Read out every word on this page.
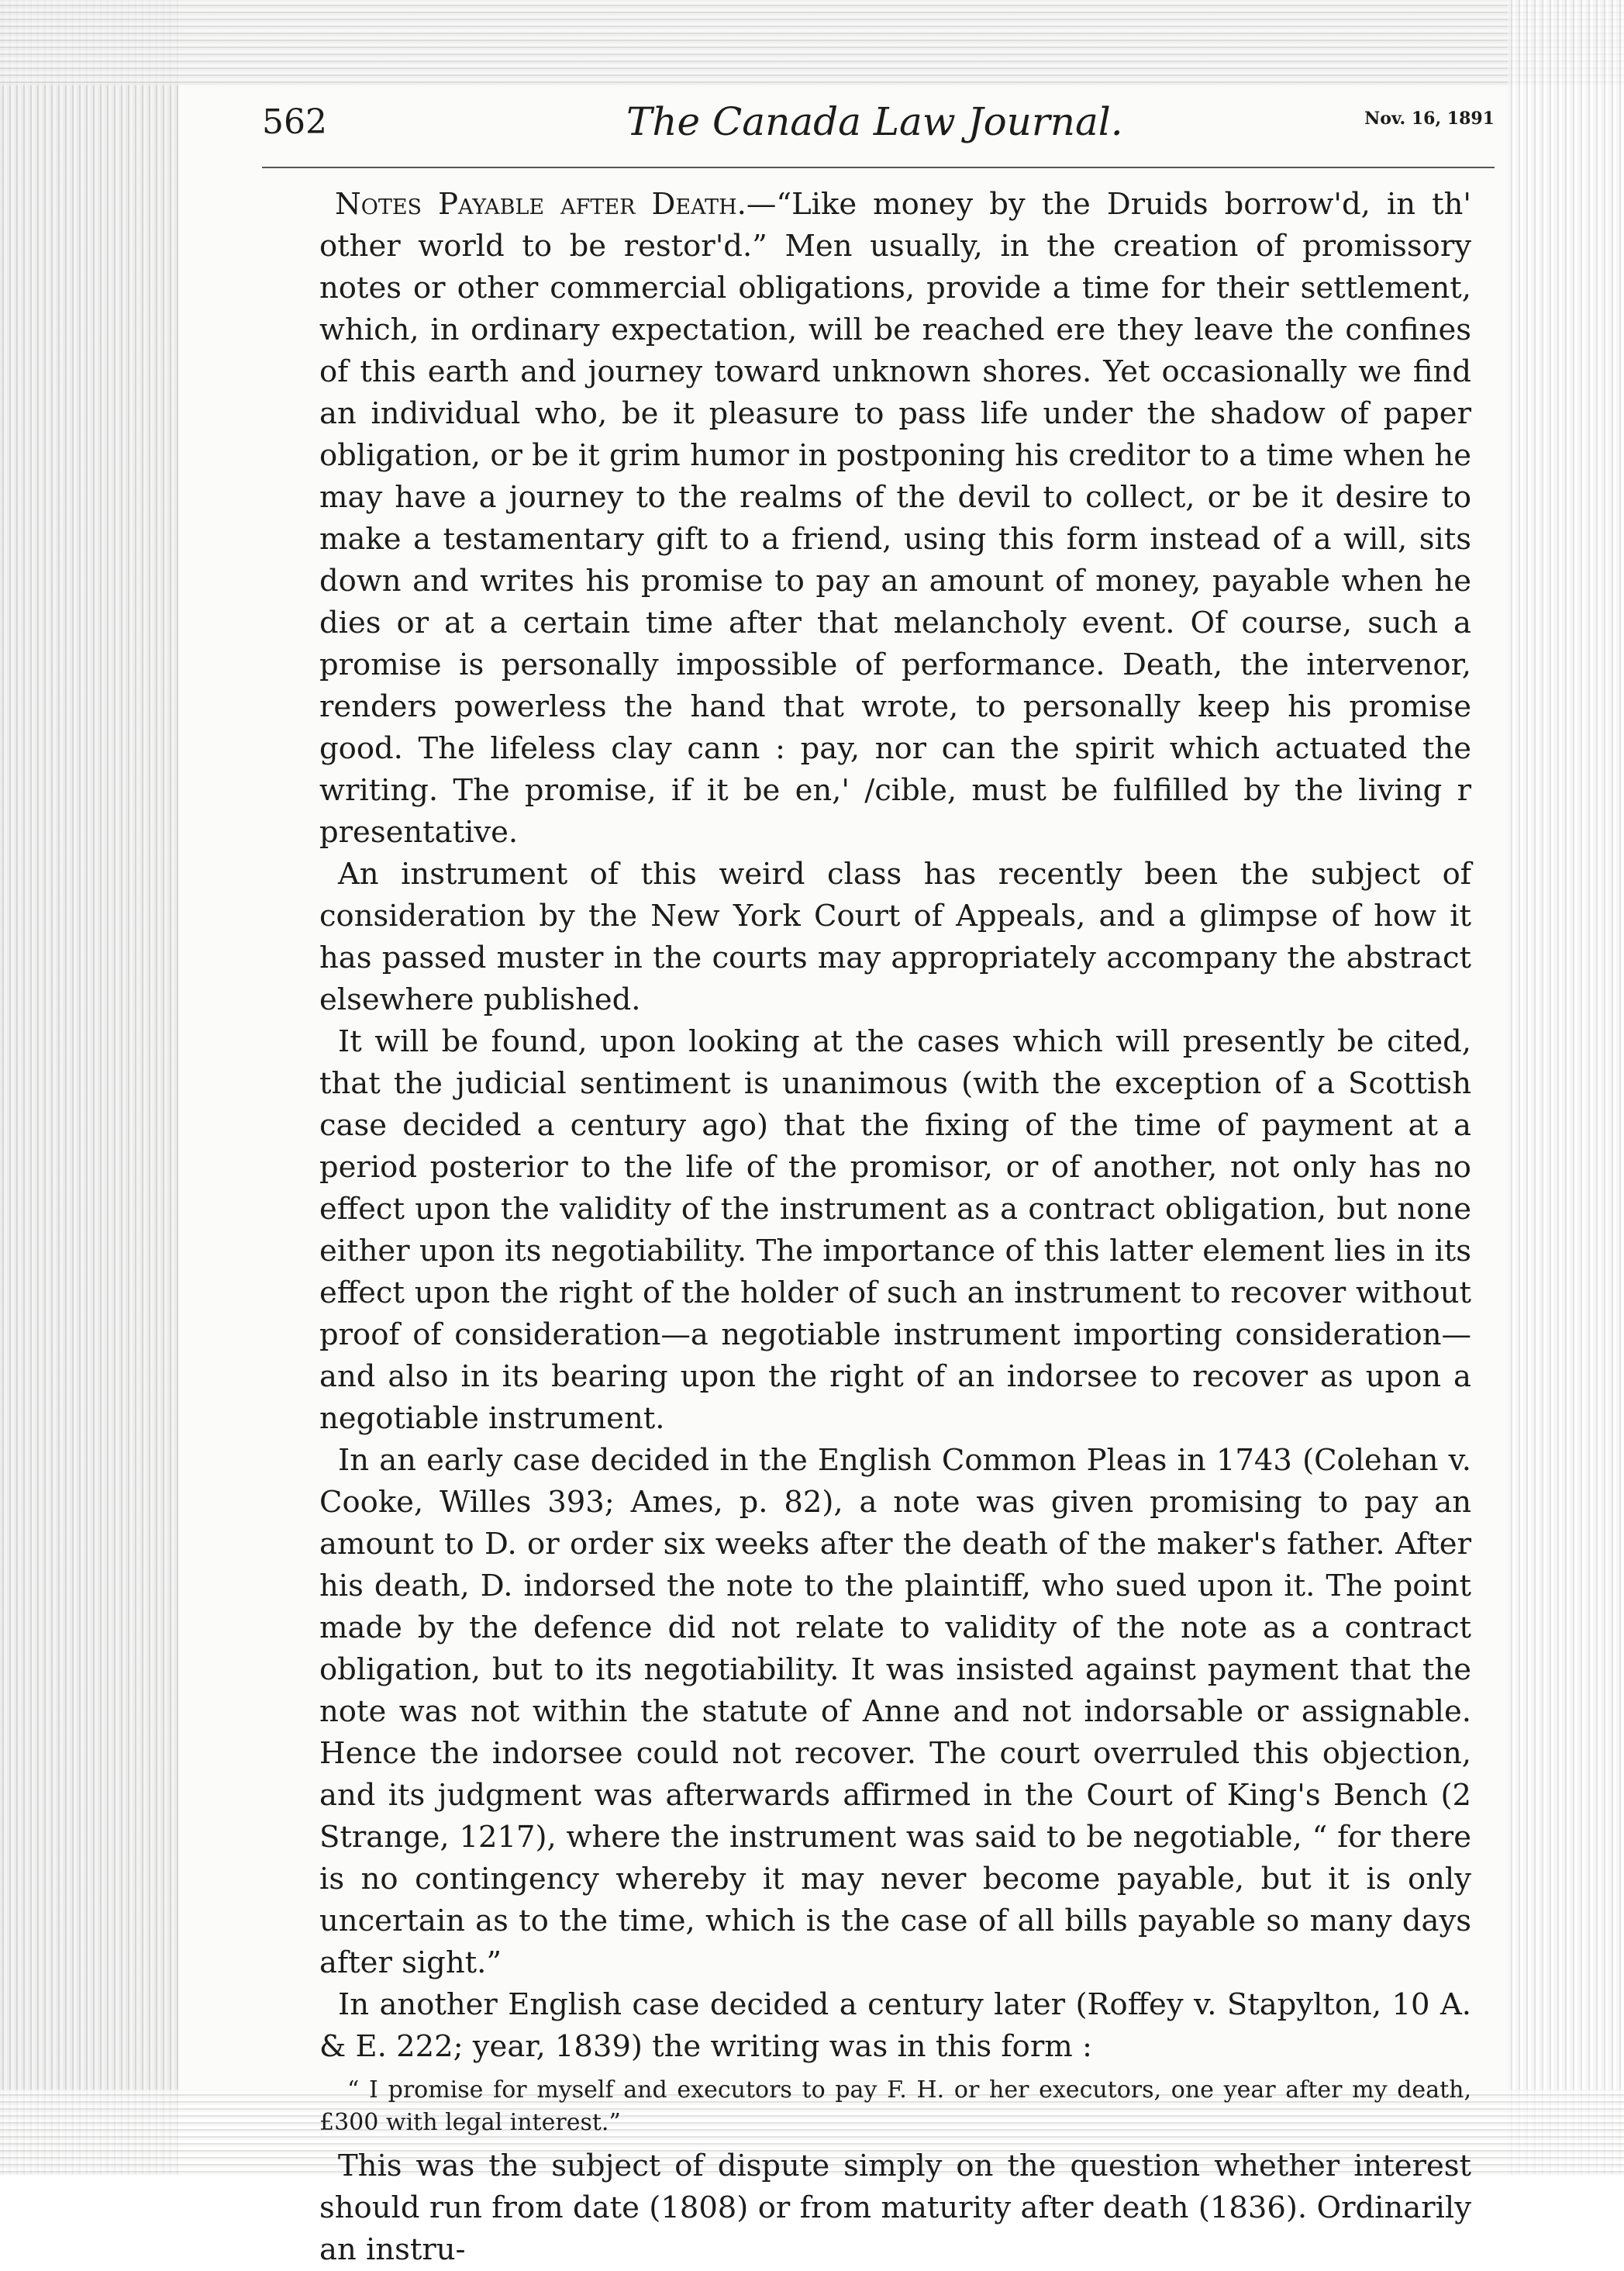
562	The Canada Law Journal.	Nov. 16, 1891

Notes Payable after Death.—“Like money by the Druids borrow'd, in th' other world to be restor'd.” Men usually, in the creation of promissory notes or other commercial obligations, provide a time for their settlement, which, in ordinary expectation, will be reached ere they leave the confines of this earth and journey toward unknown shores. Yet occasionally we find an individual who, be it pleasure to pass life under the shadow of paper obligation, or be it grim humor in postponing his creditor to a time when he may have a journey to the realms of the devil to collect, or be it desire to make a testamentary gift to a friend, using this form instead of a will, sits down and writes his promise to pay an amount of money, payable when he dies or at a certain time after that melancholy event. Of course, such a promise is personally impossible of performance. Death, the intervenor, renders powerless the hand that wrote, to personally keep his promise good. The lifeless clay cann : pay, nor can the spirit which actuated the writing. The promise, if it be en,' /cible, must be fulfilled by the living r presentative.

An instrument of this weird class has recently been the subject of consideration by the New York Court of Appeals, and a glimpse of how it has passed muster in the courts may appropriately accompany the abstract elsewhere published.

It will be found, upon looking at the cases which will presently be cited, that the judicial sentiment is unanimous (with the exception of a Scottish case decided a century ago) that the fixing of the time of payment at a period posterior to the life of the promisor, or of another, not only has no effect upon the validity of the instrument as a contract obligation, but none either upon its negotiability. The importance of this latter element lies in its effect upon the right of the holder of such an instrument to recover without proof of consideration—a negotiable instrument importing consideration—and also in its bearing upon the right of an indorsee to recover as upon a negotiable instrument.

In an early case decided in the English Common Pleas in 1743 (Colehan v. Cooke, Willes 393; Ames, p. 82), a note was given promising to pay an amount to D. or order six weeks after the death of the maker's father. After his death, D. indorsed the note to the plaintiff, who sued upon it. The point made by the defence did not relate to validity of the note as a contract obligation, but to its negotiability. It was insisted against payment that the note was not within the statute of Anne and not indorsable or assignable. Hence the indorsee could not recover. The court overruled this objection, and its judgment was afterwards affirmed in the Court of King's Bench (2 Strange, 1217), where the instrument was said to be negotiable, “ for there is no contingency whereby it may never become payable, but it is only uncertain as to the time, which is the case of all bills payable so many days after sight.”

In another English case decided a century later (Roffey v. Stapylton, 10 A. & E. 222; year, 1839) the writing was in this form :

“ I promise for myself and executors to pay F. H. or her executors, one year after my death, £300 with legal interest.”

This was the subject of dispute simply on the question whether interest should run from date (1808) or from maturity after death (1836). Ordinarily an instru-
